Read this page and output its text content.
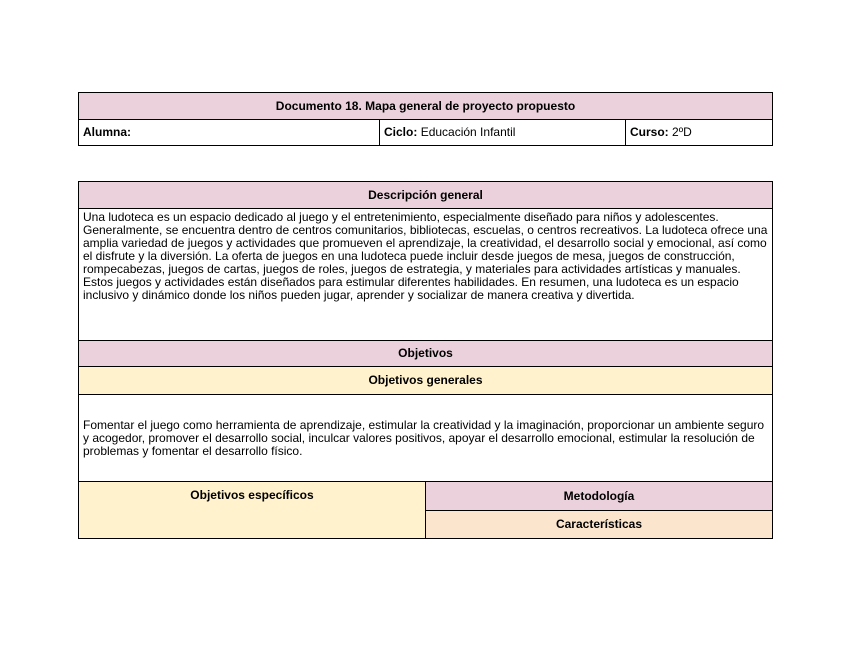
Documento 18. Mapa general de proyecto propuesto
Alumna:	Ciclo: Educación Infantil	Curso: 2ºD
Descripción general
Una ludoteca es un espacio dedicado al juego y el entretenimiento, especialmente diseñado para niños y adolescentes. Generalmente, se encuentra dentro de centros comunitarios, bibliotecas, escuelas, o centros recreativos. La ludoteca ofrece una amplia variedad de juegos y actividades que promueven el aprendizaje, la creatividad, el desarrollo social y emocional, así como el disfrute y la diversión. La oferta de juegos en una ludoteca puede incluir desde juegos de mesa, juegos de construcción, rompecabezas, juegos de cartas, juegos de roles, juegos de estrategia, y materiales para actividades artísticas y manuales. Estos juegos y actividades están diseñados para estimular diferentes habilidades. En resumen, una ludoteca es un espacio inclusivo y dinámico donde los niños pueden jugar, aprender y socializar de manera creativa y divertida.
Objetivos
Objetivos generales
Fomentar el juego como herramienta de aprendizaje, estimular la creatividad y la imaginación, proporcionar un ambiente seguro y acogedor, promover el desarrollo social, inculcar valores positivos, apoyar el desarrollo emocional, estimular la resolución de problemas y fomentar el desarrollo físico.
Objetivos específicos	Metodología
Características
